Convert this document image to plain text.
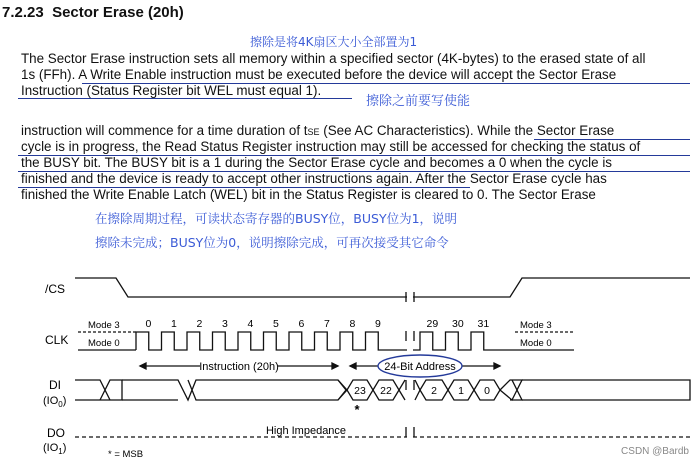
7.2.23 Sector Erase (20h)
擦除是将4K扇区大小全部置为1
The Sector Erase instruction sets all memory within a specified sector (4K-bytes) to the erased state of all
1s (FFh). A Write Enable instruction must be executed before the device will accept the Sector Erase
Instruction (Status Register bit WEL must equal 1).
擦除之前要写使能
instruction will commence for a time duration of tSE (See AC Characteristics). While the Sector Erase
cycle is in progress, the Read Status Register instruction may still be accessed for checking the status of
the BUSY bit. The BUSY bit is a 1 during the Sector Erase cycle and becomes a 0 when the cycle is
finished and the device is ready to accept other instructions again. After the Sector Erase cycle has
finished the Write Enable Latch (WEL) bit in the Status Register is cleared to 0. The Sector Erase
在擦除周期过程，可读状态寄存器的BUSY位，BUSY位为1，说明
擦除未完成；BUSY位为0，说明擦除完成，可再次接受其它命令
/CS
CLK
DI
$(IO_0)$
DO
$(IO_1)$
Mode 3
Mode 0
Mode 3
Mode 0
0 1 2 3 4 5 6 7 8 9	29 30 31
Instruction (20h)	24-Bit Address
23 22	2 1 0
*
High Impedance
* = MSB	CSDN @Bardb
